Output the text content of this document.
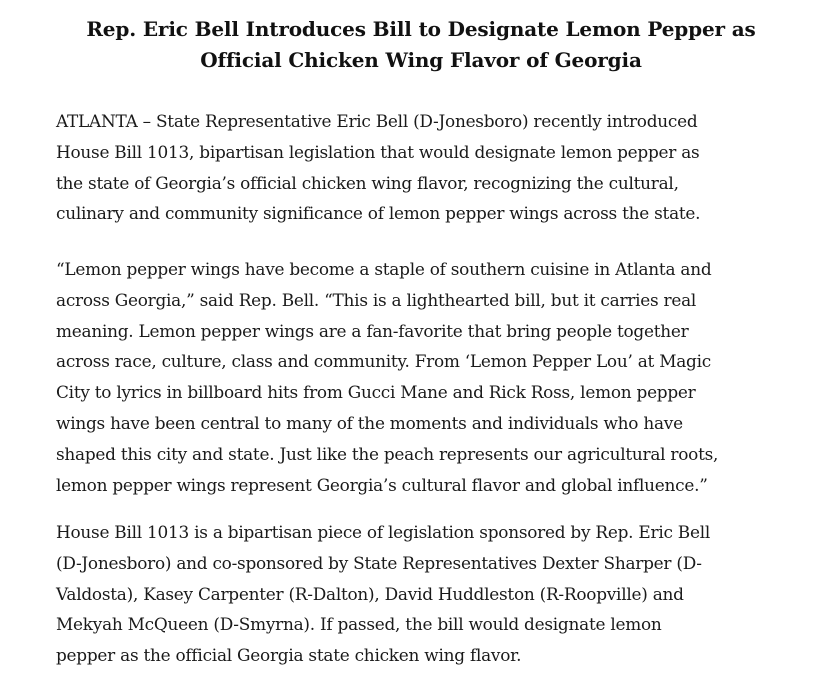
Rep. Eric Bell Introduces Bill to Designate Lemon Pepper as
Official Chicken Wing Flavor of Georgia

ATLANTA – State Representative Eric Bell (D-Jonesboro) recently introduced
House Bill 1013, bipartisan legislation that would designate lemon pepper as
the state of Georgia’s official chicken wing flavor, recognizing the cultural,
culinary and community significance of lemon pepper wings across the state.

“Lemon pepper wings have become a staple of southern cuisine in Atlanta and
across Georgia,” said Rep. Bell. “This is a lighthearted bill, but it carries real
meaning. Lemon pepper wings are a fan-favorite that bring people together
across race, culture, class and community. From ‘Lemon Pepper Lou’ at Magic
City to lyrics in billboard hits from Gucci Mane and Rick Ross, lemon pepper
wings have been central to many of the moments and individuals who have
shaped this city and state. Just like the peach represents our agricultural roots,
lemon pepper wings represent Georgia’s cultural flavor and global influence.”

House Bill 1013 is a bipartisan piece of legislation sponsored by Rep. Eric Bell
(D-Jonesboro) and co-sponsored by State Representatives Dexter Sharper (D-
Valdosta), Kasey Carpenter (R-Dalton), David Huddleston (R-Roopville) and
Mekyah McQueen (D-Smyrna). If passed, the bill would designate lemon
pepper as the official Georgia state chicken wing flavor.
